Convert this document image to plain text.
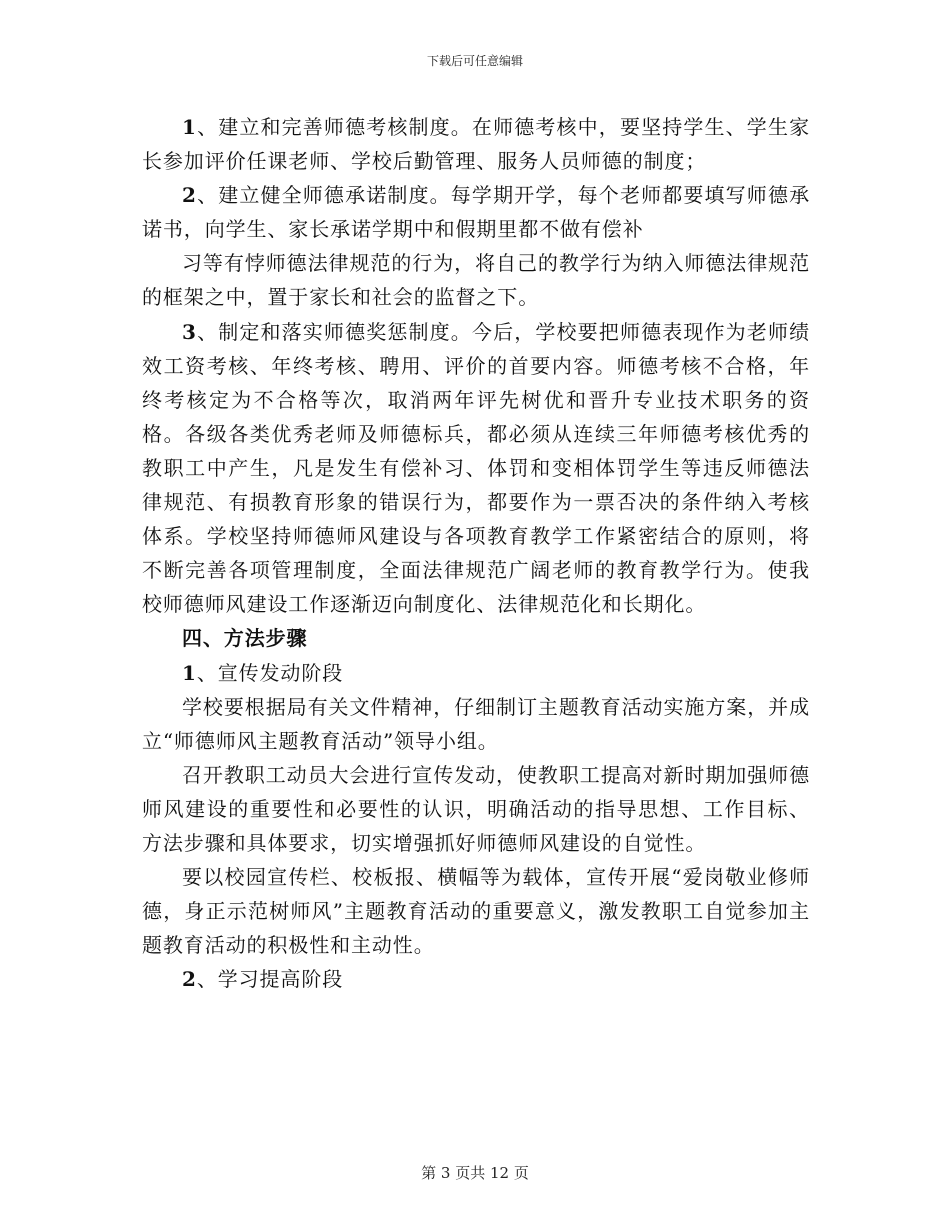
下载后可任意编辑

1、建立和完善师德考核制度。在师德考核中，要坚持学生、学生家长参加评价任课老师、学校后勤管理、服务人员师德的制度；

2、建立健全师德承诺制度。每学期开学，每个老师都要填写师德承诺书，向学生、家长承诺学期中和假期里都不做有偿补

习等有悖师德法律规范的行为，将自己的教学行为纳入师德法律规范的框架之中，置于家长和社会的监督之下。

3、制定和落实师德奖惩制度。今后，学校要把师德表现作为老师绩效工资考核、年终考核、聘用、评价的首要内容。师德考核不合格，年终考核定为不合格等次，取消两年评先树优和晋升专业技术职务的资格。各级各类优秀老师及师德标兵，都必须从连续三年师德考核优秀的教职工中产生，凡是发生有偿补习、体罚和变相体罚学生等违反师德法律规范、有损教育形象的错误行为，都要作为一票否决的条件纳入考核体系。学校坚持师德师风建设与各项教育教学工作紧密结合的原则，将不断完善各项管理制度，全面法律规范广阔老师的教育教学行为。使我校师德师风建设工作逐渐迈向制度化、法律规范化和长期化。

四、方法步骤

1、宣传发动阶段

学校要根据局有关文件精神，仔细制订主题教育活动实施方案，并成立“师德师风主题教育活动”领导小组。

召开教职工动员大会进行宣传发动，使教职工提高对新时期加强师德师风建设的重要性和必要性的认识，明确活动的指导思想、工作目标、方法步骤和具体要求，切实增强抓好师德师风建设的自觉性。

要以校园宣传栏、校板报、横幅等为载体，宣传开展“爱岗敬业修师德，身正示范树师风”主题教育活动的重要意义，激发教职工自觉参加主题教育活动的积极性和主动性。

2、学习提高阶段

第 3 页共 12 页
